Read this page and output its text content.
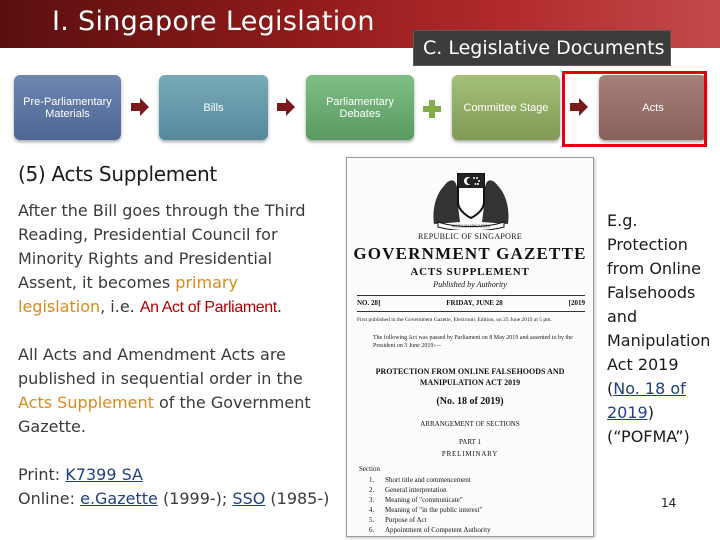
I. Singapore Legislation
C. Legislative Documents
Pre-Parliamentary Materials	Bills	Parliamentary Debates	Committee Stage	Acts
(5) Acts Supplement
After the Bill goes through the Third Reading, Presidential Council for Minority Rights and Presidential Assent, it becomes primary legislation, i.e. An Act of Parliament.
All Acts and Amendment Acts are published in sequential order in the Acts Supplement of the Government Gazette.
Print: K7399 SA
Online: e.Gazette (1999-); SSO (1985-)
MAJULAH SINGAPURA
REPUBLIC OF SINGAPORE
GOVERNMENT GAZETTE
ACTS SUPPLEMENT
Published by Authority
NO. 28]	FRIDAY, JUNE 28	[2019
First published in the Government Gazette, Electronic Edition, on 25 June 2019 at 5 pm.
The following Act was passed by Parliament on 8 May 2019 and assented to by the President on 3 June 2019:—
PROTECTION FROM ONLINE FALSEHOODS AND MANIPULATION ACT 2019
(No. 18 of 2019)
ARRANGEMENT OF SECTIONS
PART 1
PRELIMINARY
Section
1.	Short title and commencement
2.	General interpretation
3.	Meaning of "communicate"
4.	Meaning of "in the public interest"
5.	Purpose of Act
6.	Appointment of Competent Authority
E.g. Protection from Online Falsehoods and Manipulation Act 2019 (No. 18 of 2019) (“POFMA”)
14
